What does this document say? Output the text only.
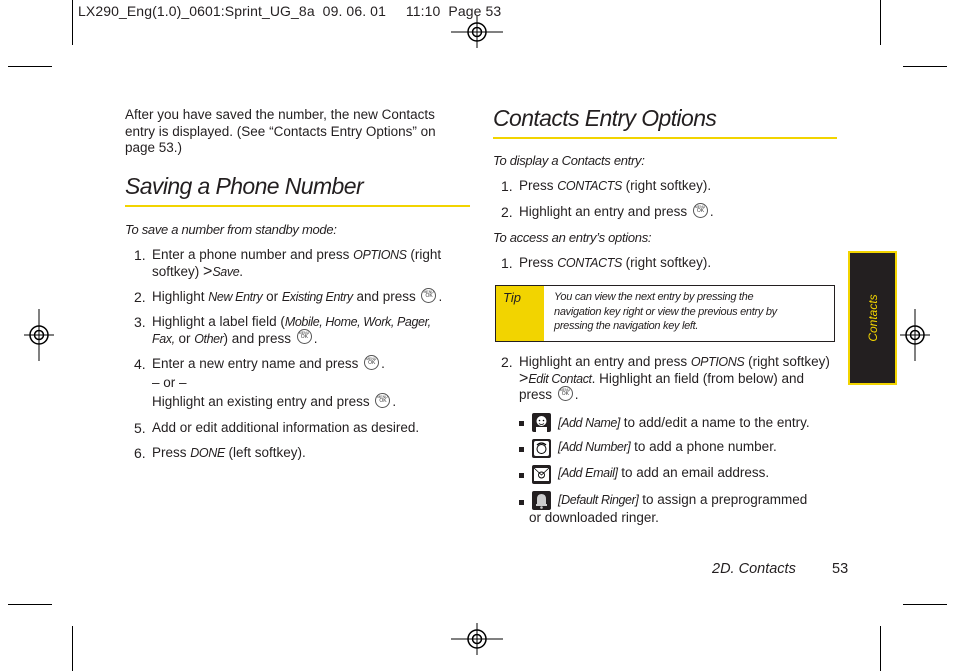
LX290_Eng(1.0)_0601:Sprint_UG_8a  09. 06. 01     11:10  Page 53
After you have saved the number, the new Contacts
entry is displayed. (See “Contacts Entry Options” on
page 53.)
Saving a Phone Number
To save a number from standby mode:
1. Enter a phone number and press OPTIONS (right
softkey) >Save.
2. Highlight New Entry or Existing Entry and press MENU OK.
3. Highlight a label field (Mobile, Home, Work, Pager,
Fax, or Other) and press MENU OK.
4. Enter a new entry name and press MENU OK.
– or –
Highlight an existing entry and press MENU OK.
5. Add or edit additional information as desired.
6. Press DONE (left softkey).
Contacts Entry Options
To display a Contacts entry:
1. Press CONTACTS (right softkey).
2. Highlight an entry and press MENU OK.
To access an entry’s options:
1. Press CONTACTS (right softkey).
Tip	You can view the next entry by pressing the
navigation key right or view the previous entry by
pressing the navigation key left.
2. Highlight an entry and press OPTIONS (right softkey)
>Edit Contact. Highlight an field (from below) and
press MENU OK.
[Add Name] to add/edit a name to the entry.
[Add Number] to add a phone number.
[Add Email] to add an email address.
[Default Ringer] to assign a preprogrammed
or downloaded ringer.
Contacts
2D. Contacts 53
